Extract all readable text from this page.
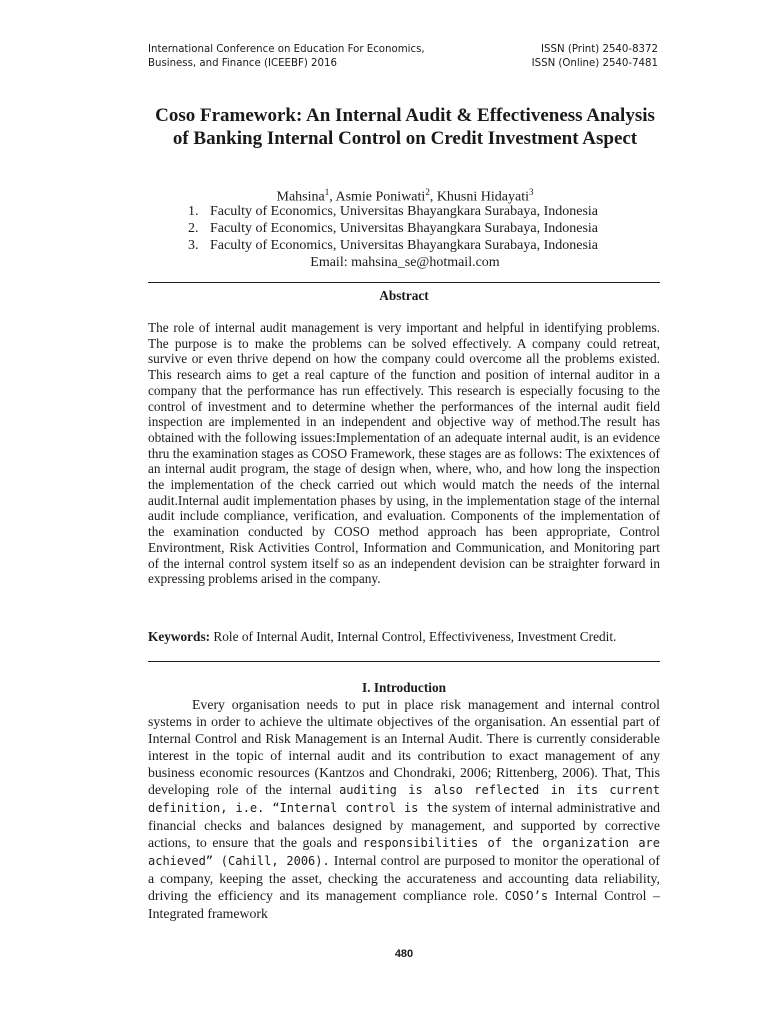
International Conference on Education For Economics,
Business, and Finance (ICEEBF) 2016
ISSN (Print) 2540-8372
ISSN (Online) 2540-7481
Coso Framework: An Internal Audit & Effectiveness Analysis of Banking Internal Control on Credit Investment Aspect
Mahsina$^1$, Asmie Poniwati$^2$, Khusni Hidayati$^3$
1. Faculty of Economics, Universitas Bhayangkara Surabaya, Indonesia
2. Faculty of Economics, Universitas Bhayangkara Surabaya, Indonesia
3. Faculty of Economics, Universitas Bhayangkara Surabaya, Indonesia
Email: mahsina_se@hotmail.com
Abstract
The role of internal audit management is very important and helpful in identifying problems. The purpose is to make the problems can be solved effectively. A company could retreat, survive or even thrive depend on how the company could overcome all the problems existed. This research aims to get a real capture of the function and position of internal auditor in a company that the performance has run effectively. This research is especially focusing to the control of investment and to determine whether the performances of the internal audit field inspection are implemented in an independent and objective way of method.The result has obtained with the following issues:Implementation of an adequate internal audit, is an evidence thru the examination stages as COSO Framework, these stages are as follows: The exixtences of an internal audit program, the stage of design when, where, who, and how long the inspection the implementation of the check carried out which would match the needs of the internal audit.Internal audit implementation phases by using, in the implementation stage of the internal audit include compliance, verification, and evaluation. Components of the implementation of the examination conducted by COSO method approach has been appropriate, Control Environtment, Risk Activities Control, Information and Communication, and Monitoring part of the internal control system itself so as an independent devision can be straighter forward in expressing problems arised in the company.
Keywords: Role of Internal Audit, Internal Control, Effectiviveness, Investment Credit.
I. Introduction
Every organisation needs to put in place risk management and internal control systems in order to achieve the ultimate objectives of the organisation. An essential part of Internal Control and Risk Management is an Internal Audit. There is currently considerable interest in the topic of internal audit and its contribution to exact management of any business economic resources (Kantzos and Chondraki, 2006; Rittenberg, 2006). That, This developing role of the internal auditing is also reflected in its current definition, i.e. “Internal control is the system of internal administrative and financial checks and balances designed by management, and supported by corrective actions, to ensure that the goals and responsibilities of the organization are achieved” (Cahill, 2006). Internal control are purposed to monitor the operational of a company, keeping the asset, checking the accurateness and accounting data reliability, driving the efficiency and its management compliance role. COSO’s Internal Control –Integrated framework
480
